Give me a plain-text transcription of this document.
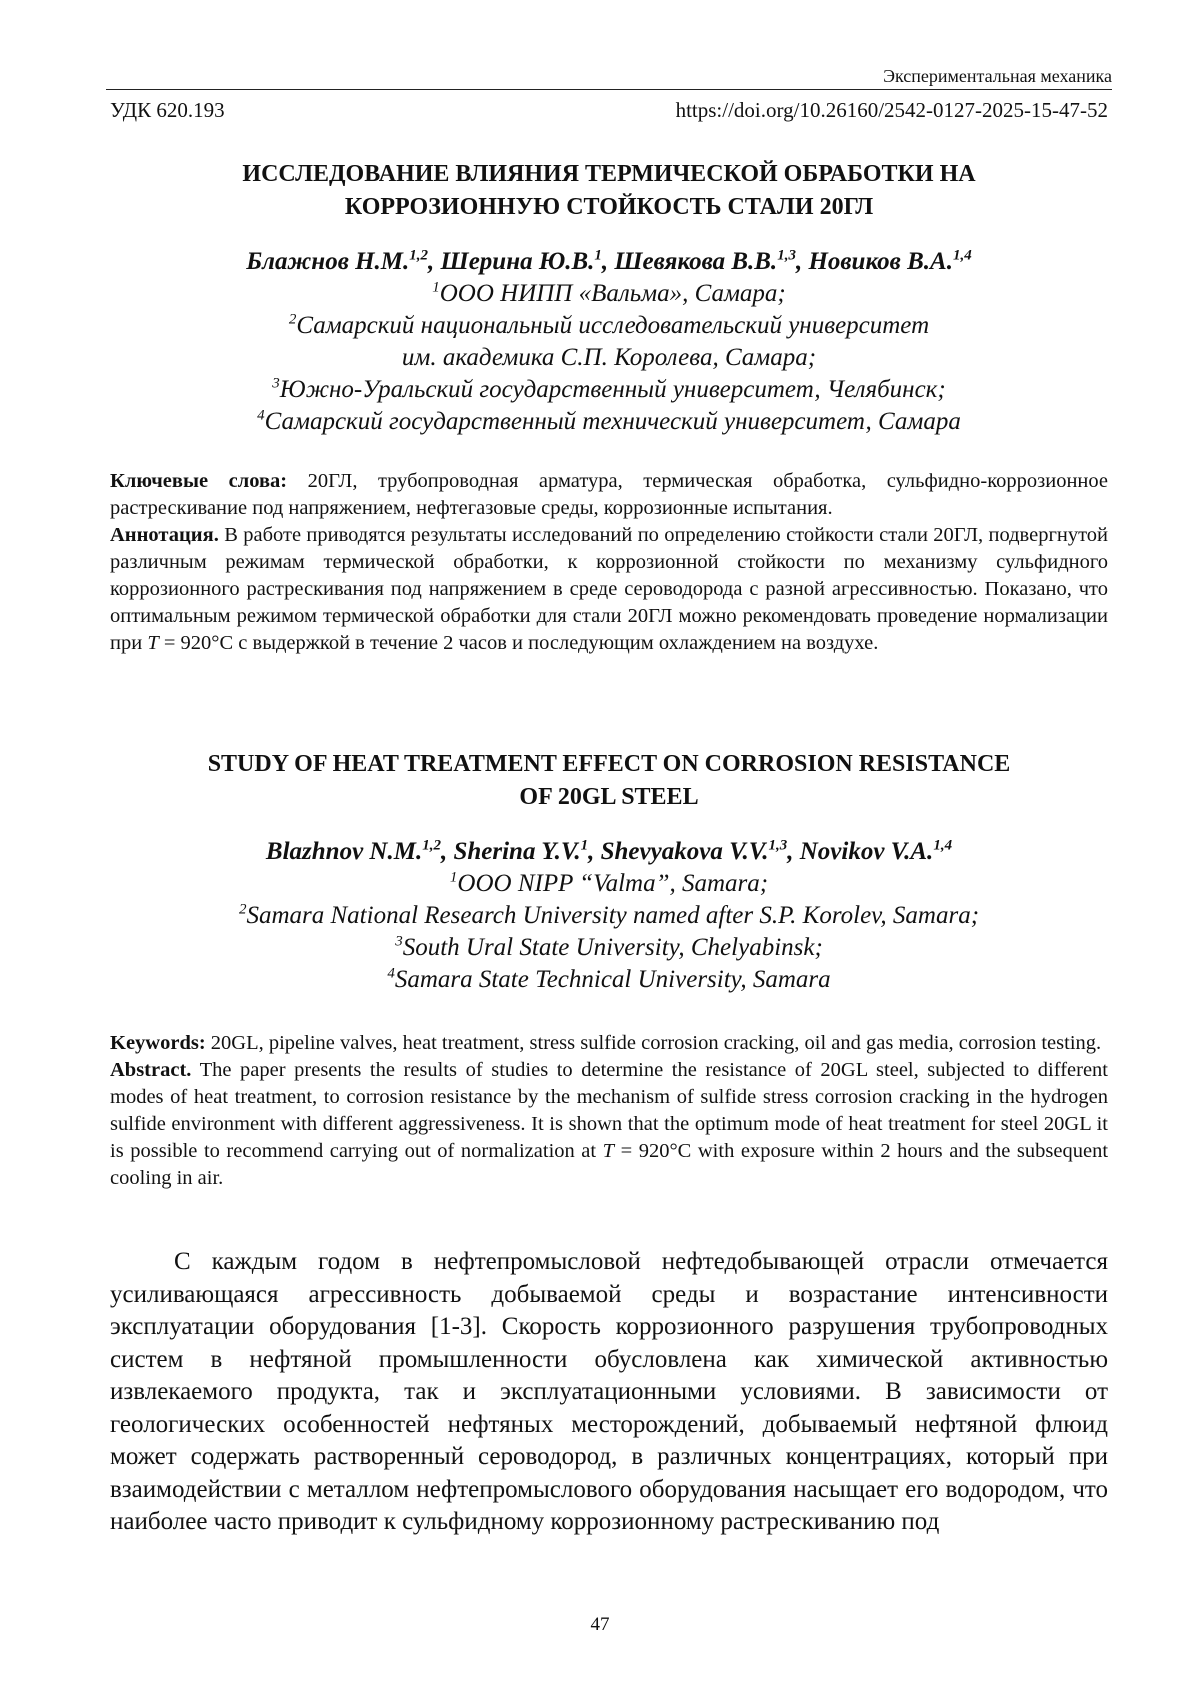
Экспериментальная механика
УДК 620.193	https://doi.org/10.26160/2542-0127-2025-15-47-52
ИССЛЕДОВАНИЕ ВЛИЯНИЯ ТЕРМИЧЕСКОЙ ОБРАБОТКИ НА
КОРРОЗИОННУЮ СТОЙКОСТЬ СТАЛИ 20ГЛ
Блажнов Н.М.$^{1,2}$, Шерина Ю.В.$^1$, Шевякова В.В.$^{1,3}$, Новиков В.А.$^{1,4}$
$^1$ООО НИПП «Вальма», Самара;
$^2$Самарский национальный исследовательский университет
им. академика С.П. Королева, Самара;
$^3$Южно-Уральский государственный университет, Челябинск;
$^4$Самарский государственный технический университет, Самара

Ключевые слова: 20ГЛ, трубопроводная арматура, термическая обработка, сульфидно-коррозионное растрескивание под напряжением, нефтегазовые среды, коррозионные испытания.

Аннотация. В работе приводятся результаты исследований по определению стойкости стали 20ГЛ, подвергнутой различным режимам термической обработки, к коррозионной стойкости по механизму сульфидного коррозионного растрескивания под напряжением в среде сероводорода с разной агрессивностью. Показано, что оптимальным режимом термической обработки для стали 20ГЛ можно рекомендовать проведение нормализации при T = 920°C с выдержкой в течение 2 часов и последующим охлаждением на воздухе.

STUDY OF HEAT TREATMENT EFFECT ON CORROSION RESISTANCE
OF 20GL STEEL
Blazhnov N.M.$^{1,2}$, Sherina Y.V.$^1$, Shevyakova V.V.$^{1,3}$, Novikov V.A.$^{1,4}$
$^1$OOO NIPP “Valma”, Samara;
$^2$Samara National Research University named after S.P. Korolev, Samara;
$^3$South Ural State University, Chelyabinsk;
$^4$Samara State Technical University, Samara

Keywords: 20GL, pipeline valves, heat treatment, stress sulfide corrosion cracking, oil and gas media, corrosion testing.

Abstract. The paper presents the results of studies to determine the resistance of 20GL steel, subjected to different modes of heat treatment, to corrosion resistance by the mechanism of sulfide stress corrosion cracking in the hydrogen sulfide environment with different aggressiveness. It is shown that the optimum mode of heat treatment for steel 20GL it is possible to recommend carrying out of normalization at T = 920°C with exposure within 2 hours and the subsequent cooling in air.

С каждым годом в нефтепромысловой нефтедобывающей отрасли отмечается усиливающаяся агрессивность добываемой среды и возрастание интенсивности эксплуатации оборудования [1-3]. Скорость коррозионного разрушения трубопроводных систем в нефтяной промышленности обусловлена как химической активностью извлекаемого продукта, так и эксплуатационными условиями. В зависимости от геологических особенностей нефтяных месторождений, добываемый нефтяной флюид может содержать растворенный сероводород, в различных концентрациях, который при взаимодействии с металлом нефтепромыслового оборудования насыщает его водородом, что наиболее часто приводит к сульфидному коррозионному растрескиванию под

47
